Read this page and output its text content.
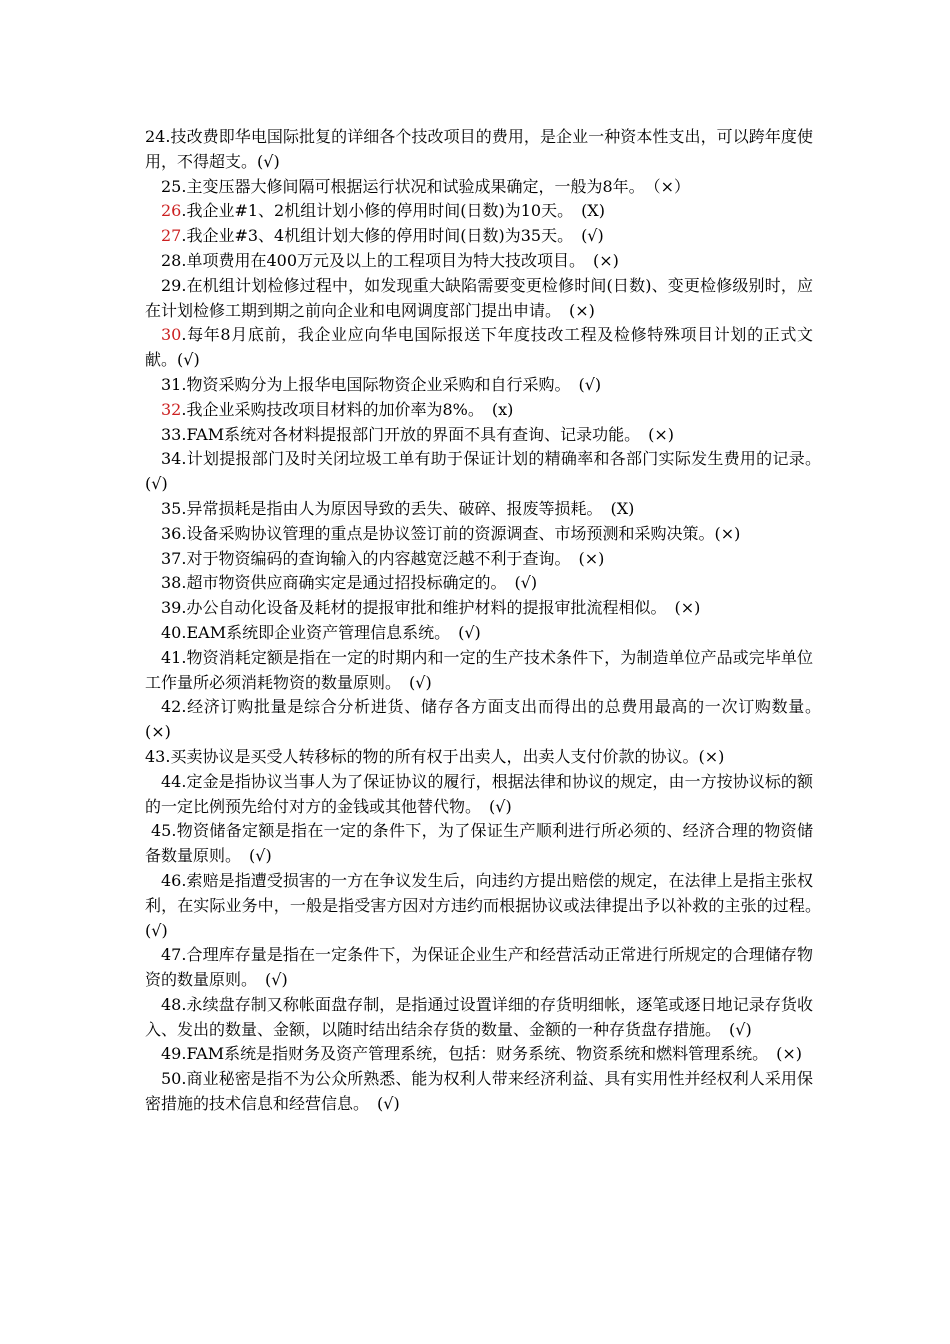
24.技改费即华电国际批复的详细各个技改项目的费用，是企业一种资本性支出，可以跨年度使用，不得超支。(√)

25.主变压器大修间隔可根据运行状况和试验成果确定，一般为8年。　（×）

26.我企业#1、2机组计划小修的停用时间(日数)为10天。　(X)

27.我企业#3、4机组计划大修的停用时间(日数)为35天。　(√)

28.单项费用在400万元及以上的工程项目为特大技改项目。　(×)

29.在机组计划检修过程中，如发现重大缺陷需要变更检修时间(日数)、变更检修级别时，应在计划检修工期到期之前向企业和电网调度部门提出申请。　(×)

30.每年8月底前，我企业应向华电国际报送下年度技改工程及检修特殊项目计划的正式文献。(√)

31.物资采购分为上报华电国际物资企业采购和自行采购。　(√)

32.我企业采购技改项目材料的加价率为8%。　(x)

33.FAM系统对各材料提报部门开放的界面不具有查询、记录功能。　(×)

34.计划提报部门及时关闭垃圾工单有助于保证计划的精确率和各部门实际发生费用的记录。　(√)

35.异常损耗是指由人为原因导致的丢失、破碎、报废等损耗。　(X)

36.设备采购协议管理的重点是协议签订前的资源调查、市场预测和采购决策。(×)

37.对于物资编码的查询输入的内容越宽泛越不利于查询。　(×)

38.超市物资供应商确实定是通过招投标确定的。　(√)

39.办公自动化设备及耗材的提报审批和维护材料的提报审批流程相似。　(×)

40.EAM系统即企业资产管理信息系统。　(√)

41.物资消耗定额是指在一定的时期内和一定的生产技术条件下，为制造单位产品或完毕单位工作量所必须消耗物资的数量原则。　(√)

42.经济订购批量是综合分析进货、储存各方面支出而得出的总费用最高的一次订购数量。　(×)

43.买卖协议是买受人转移标的物的所有权于出卖人，出卖人支付价款的协议。(×)

44.定金是指协议当事人为了保证协议的履行，根据法律和协议的规定，由一方按协议标的额的一定比例预先给付对方的金钱或其他替代物。　(√)

45.物资储备定额是指在一定的条件下，为了保证生产顺利进行所必须的、经济合理的物资储备数量原则。　(√)

46.索赔是指遭受损害的一方在争议发生后，向违约方提出赔偿的规定，在法律上是指主张权利，在实际业务中，一般是指受害方因对方违约而根据协议或法律提出予以补救的主张的过程。　(√)

47.合理库存量是指在一定条件下，为保证企业生产和经营活动正常进行所规定的合理储存物资的数量原则。　(√)

48.永续盘存制又称帐面盘存制，是指通过设置详细的存货明细帐，逐笔或逐日地记录存货收入、发出的数量、金额，以随时结出结余存货的数量、金额的一种存货盘存措施。　(√)

49.FAM系统是指财务及资产管理系统，包括：财务系统、物资系统和燃料管理系统。　(×)

50.商业秘密是指不为公众所熟悉、能为权利人带来经济利益、具有实用性并经权利人采用保密措施的技术信息和经营信息。　(√)
